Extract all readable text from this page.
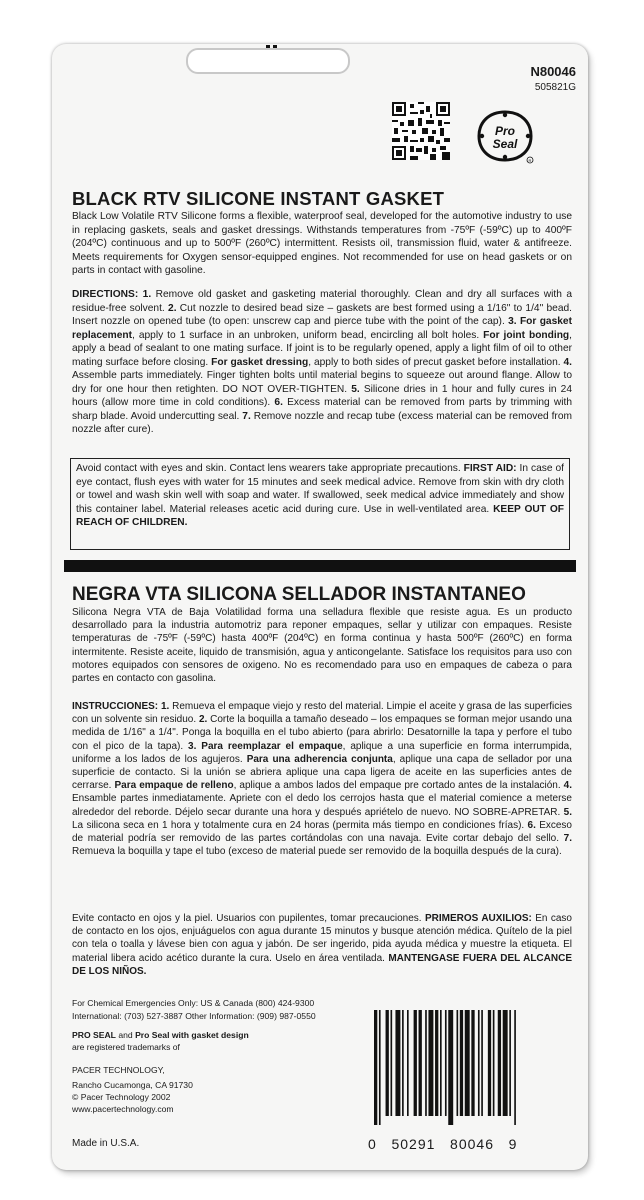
N80046
505821G
Pro
Seal
R
BLACK RTV SILICONE INSTANT GASKET
Black Low Volatile RTV Silicone forms a flexible, waterproof seal, developed for the automotive industry to use in replacing gaskets, seals and gasket dressings. Withstands temperatures from -75ºF (-59ºC) up to 400ºF (204ºC) continuous and up to 500ºF (260ºC) intermittent. Resists oil, transmission fluid, water & antifreeze. Meets requirements for Oxygen sensor-equipped engines. Not recommended for use on head gaskets or on parts in contact with gasoline.
DIRECTIONS: 1. Remove old gasket and gasketing material thoroughly. Clean and dry all surfaces with a residue-free solvent. 2. Cut nozzle to desired bead size – gaskets are best formed using a 1/16" to 1/4" bead. Insert nozzle on opened tube (to open: unscrew cap and pierce tube with the point of the cap). 3. For gasket replacement, apply to 1 surface in an unbroken, uniform bead, encircling all bolt holes. For joint bonding, apply a bead of sealant to one mating surface. If joint is to be regularly opened, apply a light film of oil to other mating surface before closing. For gasket dressing, apply to both sides of precut gasket before installation. 4. Assemble parts immediately. Finger tighten bolts until material begins to squeeze out around flange. Allow to dry for one hour then retighten. DO NOT OVER-TIGHTEN. 5. Silicone dries in 1 hour and fully cures in 24 hours (allow more time in cold conditions). 6. Excess material can be removed from parts by trimming with sharp blade. Avoid undercutting seal. 7. Remove nozzle and recap tube (excess material can be removed from nozzle after cure).
Avoid contact with eyes and skin. Contact lens wearers take appropriate precautions. FIRST AID: In case of eye contact, flush eyes with water for 15 minutes and seek medical advice. Remove from skin with dry cloth or towel and wash skin well with soap and water. If swallowed, seek medical advice immediately and show this container label. Material releases acetic acid during cure. Use in well-ventilated area. KEEP OUT OF REACH OF CHILDREN.
NEGRA VTA SILICONA SELLADOR INSTANTANEO
Silicona Negra VTA de Baja Volatilidad forma una selladura flexible que resiste agua. Es un producto desarrollado para la industria automotriz para reponer empaques, sellar y utilizar con empaques. Resiste temperaturas de -75ºF (-59ºC) hasta 400ºF (204ºC) en forma continua y hasta 500ºF (260ºC) en forma intermitente. Resiste aceite, liquido de transmisión, agua y anticongelante. Satisface los requisitos para uso con motores equipados con sensores de oxigeno. No es recomendado para uso en empaques de cabeza o para partes en contacto con gasolina.
INSTRUCCIONES: 1. Remueva el empaque viejo y resto del material. Limpie el aceite y grasa de las superficies con un solvente sin residuo. 2. Corte la boquilla a tamaño deseado – los empaques se forman mejor usando una medida de 1/16" a 1/4". Ponga la boquilla en el tubo abierto (para abrirlo: Desatornille la tapa y perfore el tubo con el pico de la tapa). 3. Para reemplazar el empaque, aplique a una superficie en forma interrumpida, uniforme a los lados de los agujeros. Para una adherencia conjunta, aplique una capa de sellador por una superficie de contacto. Si la unión se abriera aplique una capa ligera de aceite en las superficies antes de cerrarse. Para empaque de relleno, aplique a ambos lados del empaque pre cortado antes de la instalación. 4. Ensamble partes inmediatamente. Apriete con el dedo los cerrojos hasta que el material comience a meterse alrededor del reborde. Déjelo secar durante una hora y después apriételo de nuevo. NO SOBRE-APRETAR. 5. La silicona seca en 1 hora y totalmente cura en 24 horas (permita más tiempo en condiciones frías). 6. Exceso de material podría ser removido de las partes cortándolas con una navaja. Evite cortar debajo del sello. 7. Remueva la boquilla y tape el tubo (exceso de material puede ser removido de la boquilla después de la cura).
Evite contacto en ojos y la piel. Usuarios con pupilentes, tomar precauciones. PRIMEROS AUXILIOS: En caso de contacto en los ojos, enjuáguelos con agua durante 15 minutos y busque atención médica. Quítelo de la piel con tela o toalla y lávese bien con agua y jabón. De ser ingerido, pida ayuda médica y muestre la etiqueta. El material libera acido acético durante la cura. Uselo en área ventilada. MANTENGASE FUERA DEL ALCANCE DE LOS NIÑOS.
For Chemical Emergencies Only: US & Canada (800) 424-9300
International: (703) 527-3887 Other Information: (909) 987-0550
PRO SEAL and Pro Seal with gasket design are registered trademarks of
PACER TECHNOLOGY,
Rancho Cucamonga, CA 91730
© Pacer Technology 2002
www.pacertechnology.com
Made in U.S.A.	0   50291   80046   9
